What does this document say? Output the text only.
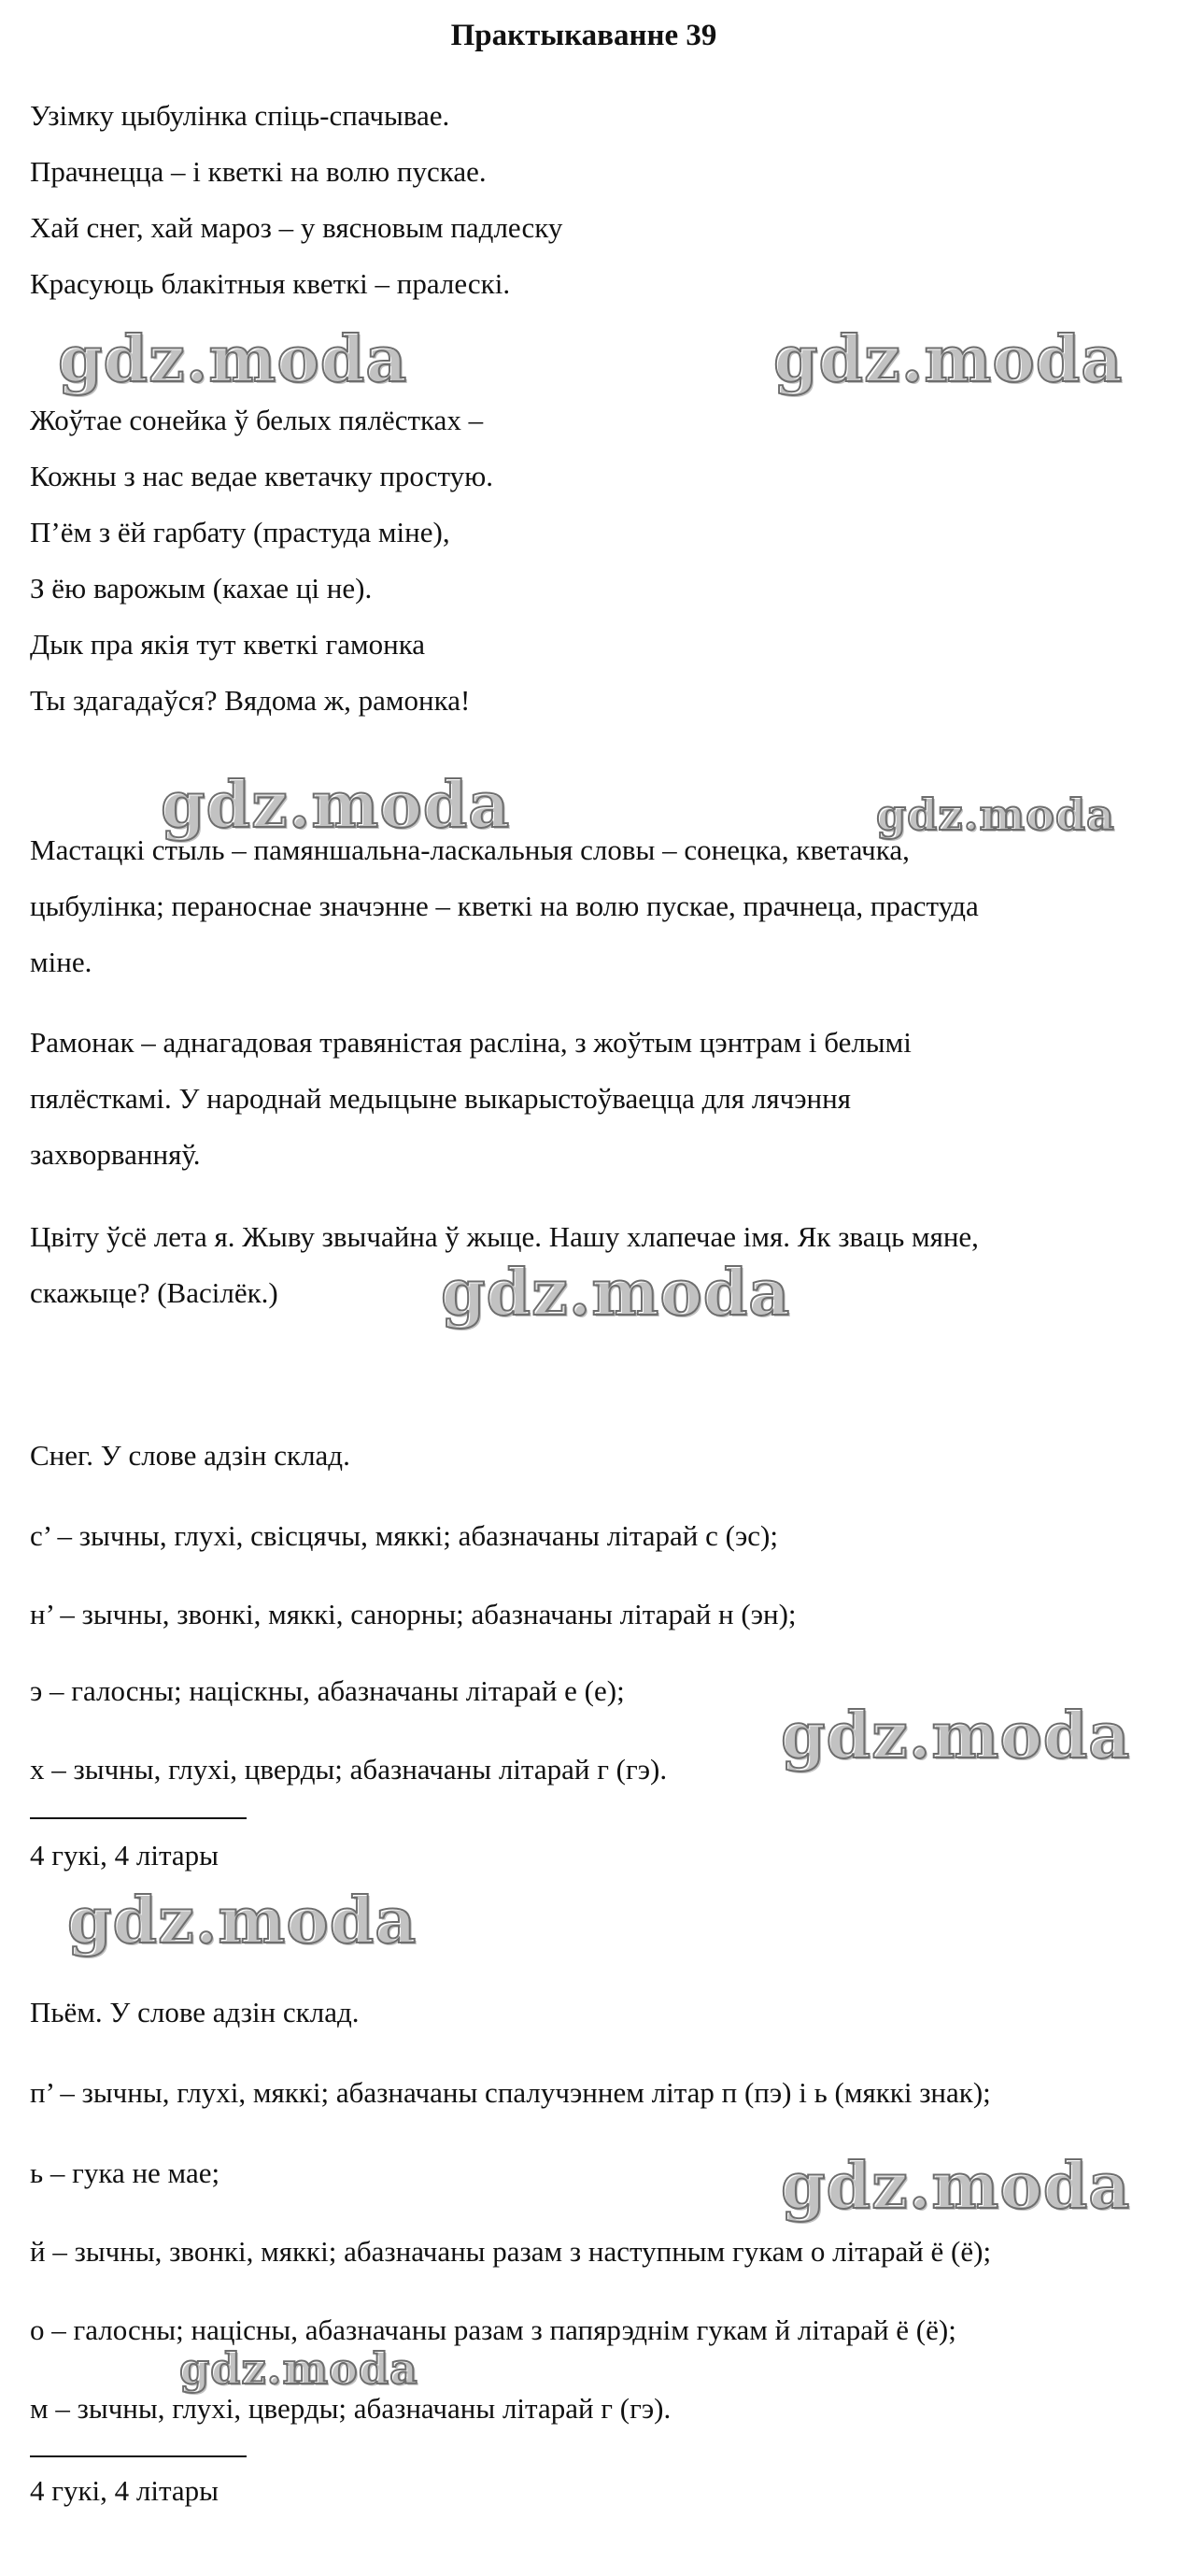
Практыкаванне 39

Узімку цыбулінка спіць-спачывае.

Прачнецца – і кветкі на волю пускае.

Хай снег, хай мароз – у вясновым падлеску

Красуюць блакітныя кветкі – пралескі.

Жоўтае сонейка ў белых пялёстках –

Кожны з нас ведае кветачку простую.

П’ём з ёй гарбату (прастуда міне),

З ёю варожым (кахае ці не).

Дык пра якія тут кветкі гамонка

Ты здагадаўся? Вядома ж, рамонка!

Мастацкі стыль – памяншальна-ласкальныя словы – сонецка, кветачка,

цыбулінка; пераноснае значэнне – кветкі на волю пускае, прачнеца, прастуда

міне.

Рамонак – аднагадовая травяністая расліна, з жоўтым цэнтрам і белымі

пялёсткамі. У народнай медыцыне выкарыстоўваецца для лячэння

захворванняў.

Цвіту ўсё лета я. Жыву звычайна ў жыце. Нашу хлапечае імя. Як зваць мяне,

скажыце? (Васілёк.)

Снег. У слове адзін склад.

с’ – зычны, глухі, свісцячы, мяккі; абазначаны літарай с (эс);

н’ – зычны, звонкі, мяккі, санорны; абазначаны літарай н (эн);

э – галосны; націскны, абазначаны літарай е (е);

х – зычны, глухі, цверды; абазначаны літарай г (гэ).

4 гукі, 4 літары

Пьём. У слове адзін склад.

п’ – зычны, глухі, мяккі; абазначаны спалучэннем літар п (пэ) і ь (мяккі знак);

ь – гука не мае;

й – зычны, звонкі, мяккі; абазначаны разам з наступным гукам о літарай ё (ё);

о – галосны; націсны, абазначаны разам з папярэднім гукам й літарай ё (ё);

м – зычны, глухі, цверды; абазначаны літарай г (гэ).

4 гукі, 4 літары

gdz.moda	gdz.moda
gdz.moda	gdz.moda
gdz.moda
gdz.moda
gdz.moda
gdz.moda
gdz.moda
